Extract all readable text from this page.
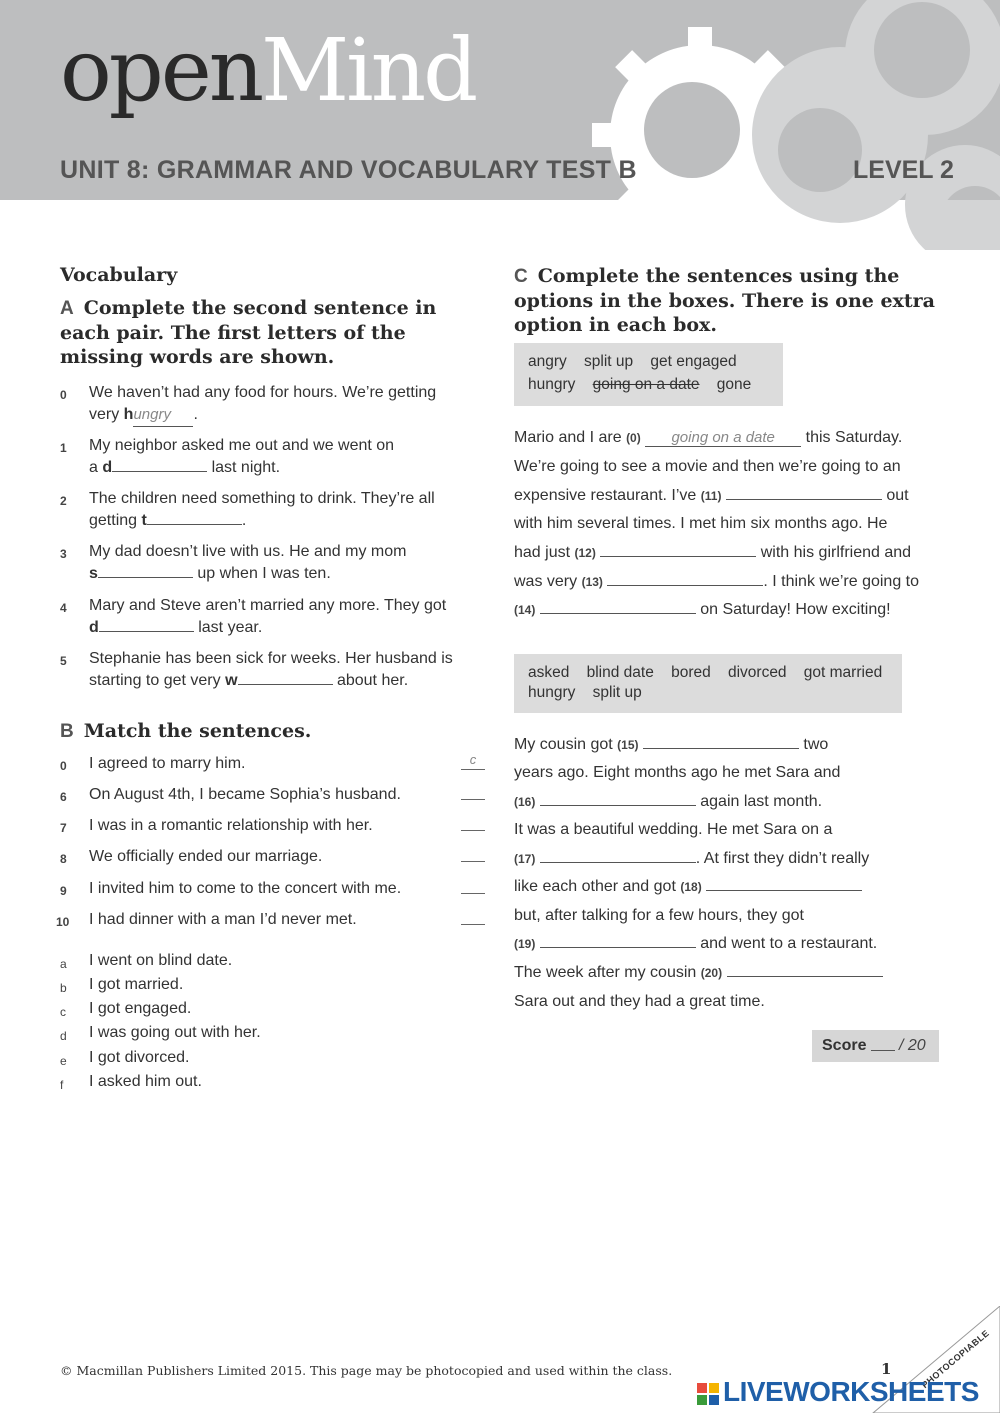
openMind
UNIT 8: GRAMMAR AND VOCABULARY TEST B	LEVEL 2
Vocabulary
A Complete the second sentence in each pair. The first letters of the missing words are shown.
0 We haven’t had any food for hours. We’re getting
very hungry .
1 My neighbor asked me out and we went on
a d	last night.
2 The children need something to drink. They’re all
getting t	.
3 My dad doesn’t live with us. He and my mom
s	up when I was ten.
4 Mary and Steve aren’t married any more. They got
d	last year.
5 Stephanie has been sick for weeks. Her husband is
starting to get very w	about her.
B Match the sentences.
0 I agreed to marry him.	c
6 On August 4th, I became Sophia’s husband.
7 I was in a romantic relationship with her.
8 We officially ended our marriage.
9 I invited him to come to the concert with me.
10 I had dinner with a man I’d never met.
a I went on blind date.
b I got married.
c I got engaged.
d I was going out with her.
e I got divorced.
f I asked him out.
C Complete the sentences using the options in the boxes. There is one extra option in each box.
angry split up get engaged
hungry going on a date gone
Mario and I are (0) going on a date this Saturday.
We’re going to see a movie and then we’re going to an
expensive restaurant. I’ve (11)	out
with him several times. I met him six months ago. He
had just (12)	with his girlfriend and
was very (13)	. I think we’re going to
(14)	on Saturday! How exciting!
asked blind date bored divorced got married
hungry split up
My cousin got (15)	two
years ago. Eight months ago he met Sara and
(16)	again last month.
It was a beautiful wedding. He met Sara on a
(17)	. At first they didn’t really
like each other and got (18)
but, after talking for a few hours, they got
(19)	and went to a restaurant.
The week after my cousin (20)
Sara out and they had a great time.
Score / 20
© Macmillan Publishers Limited 2015. This page may be photocopied and used within the class.	1	PHOTOCOPIABLE
LIVEWORKSHEETS
